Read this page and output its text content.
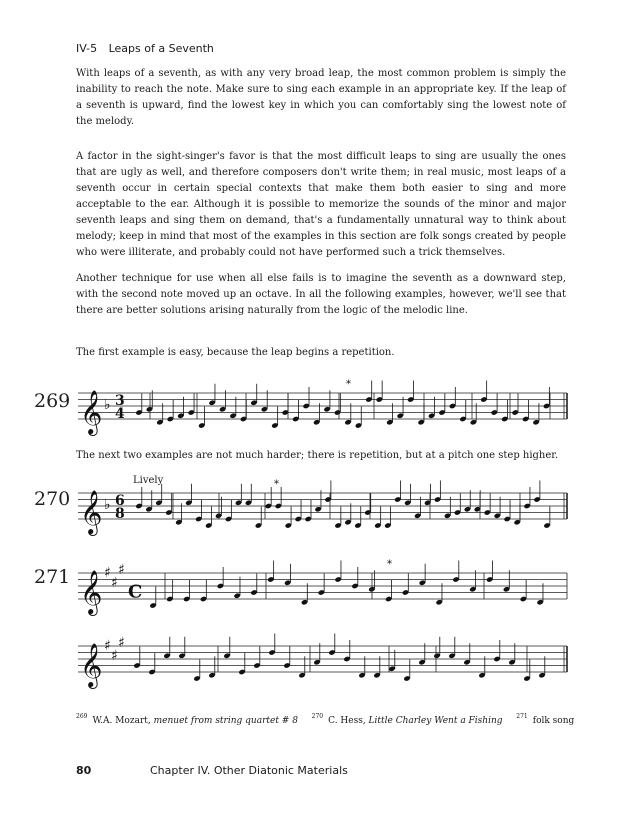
IV-5 Leaps of a Seventh

With leaps of a seventh, as with any very broad leap, the most common problem is simply the inability to reach the note. Make sure to sing each example in an appropriate key. If the leap of a seventh is upward, find the lowest key in which you can comfortably sing the lowest note of the melody.

A factor in the sight-singer's favor is that the most difficult leaps to sing are usually the ones that are ugly as well, and therefore composers don't write them; in real music, most leaps of a seventh occur in certain special contexts that make them both easier to sing and more acceptable to the ear. Although it is possible to memorize the sounds of the minor and major seventh leaps and sing them on demand, that's a fundamentally unnatural way to think about melody; keep in mind that most of the examples in this section are folk songs created by people who were illiterate, and probably could not have performed such a trick themselves.

Another technique for use when all else fails is to imagine the seventh as a downward step, with the second note moved up an octave. In all the following examples, however, we'll see that there are better solutions arising naturally from the logic of the melodic line.

The first example is easy, because the leap begins a repetition.

The next two examples are not much harder; there is repetition, but at a pitch one step higher.

269 𝄞 ♭ 3
4
*
Lively
270 𝄞 ♭ 6
8
*
271 𝄞 ♯
♯
♯
C
*
𝄞 ♯
♯
♯
$^{269}$ W.A. Mozart, menuet from string quartet # 8 $^{270}$ C. Hess, Little Charley Went a Fishing $^{271}$ folk song
80	Chapter IV. Other Diatonic Materials
